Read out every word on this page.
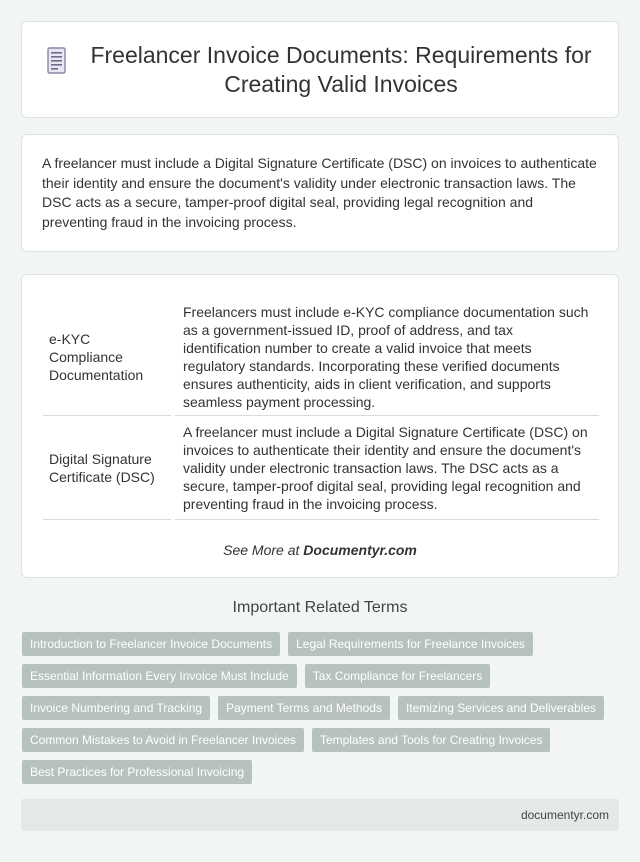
Freelancer Invoice Documents: Requirements for Creating Valid Invoices

A freelancer must include a Digital Signature Certificate (DSC) on invoices to authenticate their identity and ensure the document's validity under electronic transaction laws. The DSC acts as a secure, tamper-proof digital seal, providing legal recognition and preventing fraud in the invoicing process.

e-KYC Compliance Documentation		Freelancers must include e-KYC compliance documentation such as a government-issued ID, proof of address, and tax identification number to create a valid invoice that meets regulatory standards. Incorporating these verified documents ensures authenticity, aids in client verification, and supports seamless payment processing.
Digital Signature Certificate (DSC)		A freelancer must include a Digital Signature Certificate (DSC) on invoices to authenticate their identity and ensure the document's validity under electronic transaction laws. The DSC acts as a secure, tamper-proof digital seal, providing legal recognition and preventing fraud in the invoicing process.
See More at Documentyr.com
Important Related Terms
Introduction to Freelancer Invoice Documents	Legal Requirements for Freelance Invoices
Essential Information Every Invoice Must Include	Tax Compliance for Freelancers
Invoice Numbering and Tracking	Payment Terms and Methods	Itemizing Services and Deliverables
Common Mistakes to Avoid in Freelancer Invoices	Templates and Tools for Creating Invoices
Best Practices for Professional Invoicing
documentyr.com
